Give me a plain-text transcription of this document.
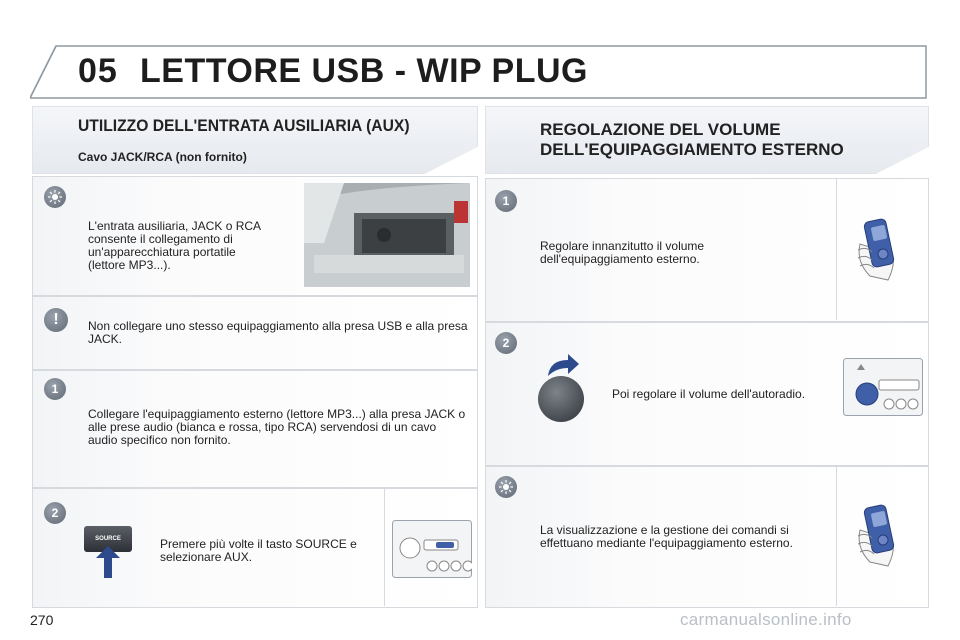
05 LETTORE USB - WIP PLUG
UTILIZZO DELL'ENTRATA AUSILIARIA (AUX)
Cavo JACK/RCA (non fornito)
REGOLAZIONE DEL VOLUME
DELL'EQUIPAGGIAMENTO ESTERNO
L'entrata ausiliaria, JACK o RCA consente il collegamento di un'apparecchiatura portatile (lettore MP3...).
!	Non collegare uno stesso equipaggiamento alla presa USB e alla presa JACK.
1
Collegare l'equipaggiamento esterno (lettore MP3...) alla presa JACK o alle prese audio (bianca e rossa, tipo RCA) servendosi di un cavo audio specifico non fornito.
2
SOURCE	Premere più volte il tasto SOURCE e selezionare AUX.
1
Regolare innanzitutto il volume dell'equipaggiamento esterno.
2
Poi regolare il volume dell'autoradio.
La visualizzazione e la gestione dei comandi si effettuano mediante l'equipaggiamento esterno.
270	carmanualsonline.info
